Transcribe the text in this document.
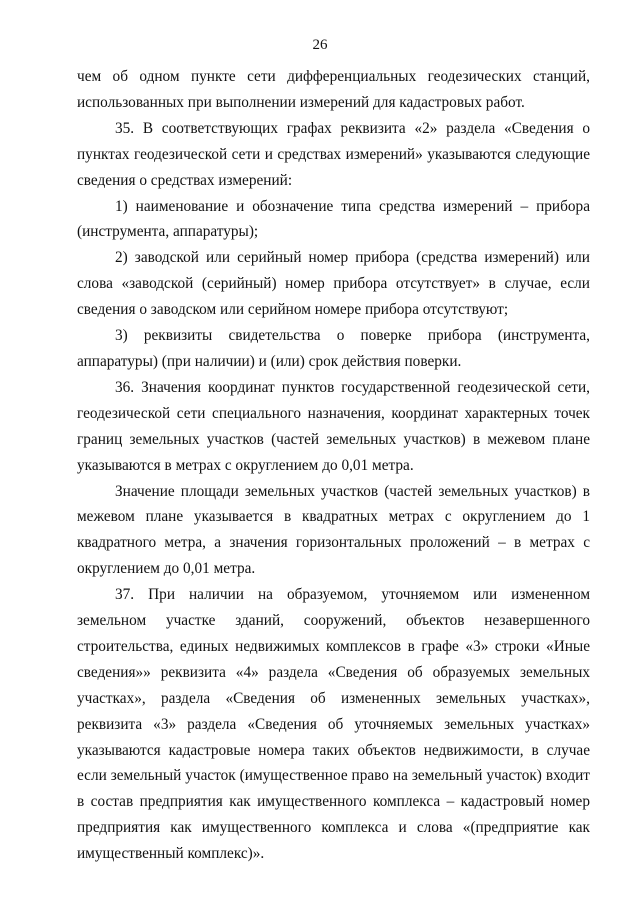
26

чем об одном пункте сети дифференциальных геодезических станций, использованных при выполнении измерений для кадастровых работ.

35. В соответствующих графах реквизита «2» раздела «Сведения о пунктах геодезической сети и средствах измерений» указываются следующие сведения о средствах измерений:

1) наименование и обозначение типа средства измерений – прибора (инструмента, аппаратуры);

2) заводской или серийный номер прибора (средства измерений) или слова «заводской (серийный) номер прибора отсутствует» в случае, если сведения о заводском или серийном номере прибора отсутствуют;

3) реквизиты свидетельства о поверке прибора (инструмента, аппаратуры) (при наличии) и (или) срок действия поверки.

36. Значения координат пунктов государственной геодезической сети, геодезической сети специального назначения, координат характерных точек границ земельных участков (частей земельных участков) в межевом плане указываются в метрах с округлением до 0,01 метра.

Значение площади земельных участков (частей земельных участков) в межевом плане указывается в квадратных метрах с округлением до 1 квадратного метра, а значения горизонтальных проложений – в метрах с округлением до 0,01 метра.

37. При наличии на образуемом, уточняемом или измененном земельном участке зданий, сооружений, объектов незавершенного строительства, единых недвижимых комплексов в графе «3» строки «Иные сведения»» реквизита «4» раздела «Сведения об образуемых земельных участках», раздела «Сведения об измененных земельных участках», реквизита «3» раздела «Сведения об уточняемых земельных участках» указываются кадастровые номера таких объектов недвижимости, в случае если земельный участок (имущественное право на земельный участок) входит в состав предприятия как имущественного комплекса – кадастровый номер предприятия как имущественного комплекса и слова «(предприятие как имущественный комплекс)».
